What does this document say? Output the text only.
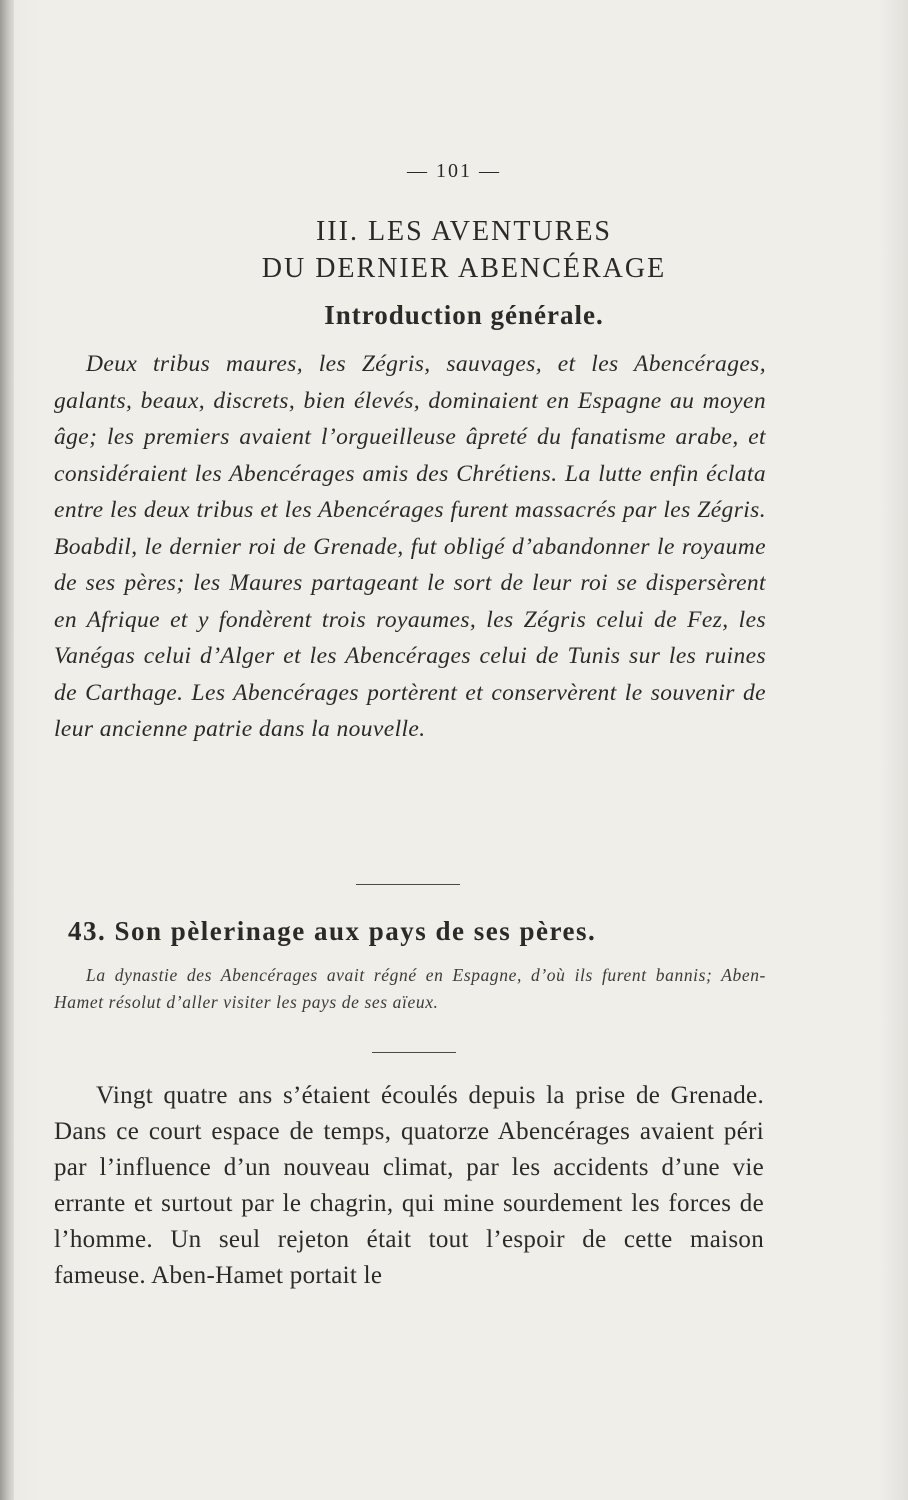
— 101 —
III. LES AVENTURES
DU DERNIER ABENCÉRAGE
Introduction générale.

Deux tribus maures, les Zégris, sauvages, et les Abencérages, galants, beaux, discrets, bien élevés, dominaient en Espagne au moyen âge; les premiers avaient l’orgueilleuse âpreté du fanatisme arabe, et considéraient les Abencérages amis des Chrétiens. La lutte enfin éclata entre les deux tribus et les Abencérages furent massacrés par les Zégris. Boabdil, le dernier roi de Grenade, fut obligé d’abandonner le royaume de ses pères; les Maures partageant le sort de leur roi se dispersèrent en Afrique et y fondèrent trois royaumes, les Zégris celui de Fez, les Vanégas celui d’Alger et les Abencérages celui de Tunis sur les ruines de Carthage. Les Abencérages portèrent et conservèrent le souvenir de leur ancienne patrie dans la nouvelle.

43. Son pèlerinage aux pays de ses pères.

La dynastie des Abencérages avait régné en Espagne, d’où ils furent bannis; Aben-Hamet résolut d’aller visiter les pays de ses aïeux.

Vingt quatre ans s’étaient écoulés depuis la prise de Grenade. Dans ce court espace de temps, quatorze Abencérages avaient péri par l’influence d’un nouveau climat, par les accidents d’une vie errante et surtout par le chagrin, qui mine sourdement les forces de l’homme. Un seul rejeton était tout l’espoir de cette maison fameuse. Aben-Hamet portait le
